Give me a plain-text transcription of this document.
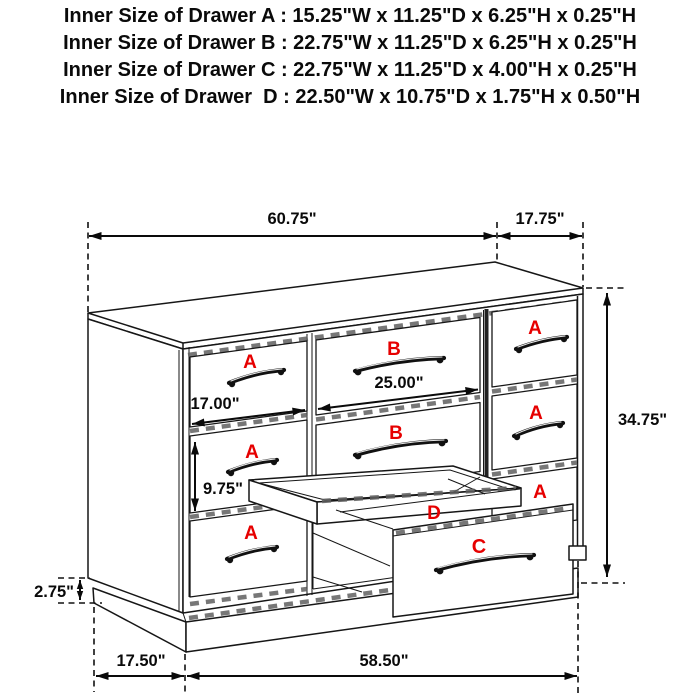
Inner Size of Drawer A : 15.25"W x 11.25"D x 6.25"H x 0.25"H
Inner Size of Drawer B : 22.75"W x 11.25"D x 6.25"H x 0.25"H
Inner Size of Drawer C : 22.75"W x 11.25"D x 4.00"H x 0.25"H
Inner Size of Drawer  D : 22.50"W x 10.75"D x 1.75"H x 0.50"H
60.75"	17.75"
34.75"
25.00"
17.00"
9.75"
2.75"
17.50"	58.50"
A
A
A
B
B
A
A
A
D
C
